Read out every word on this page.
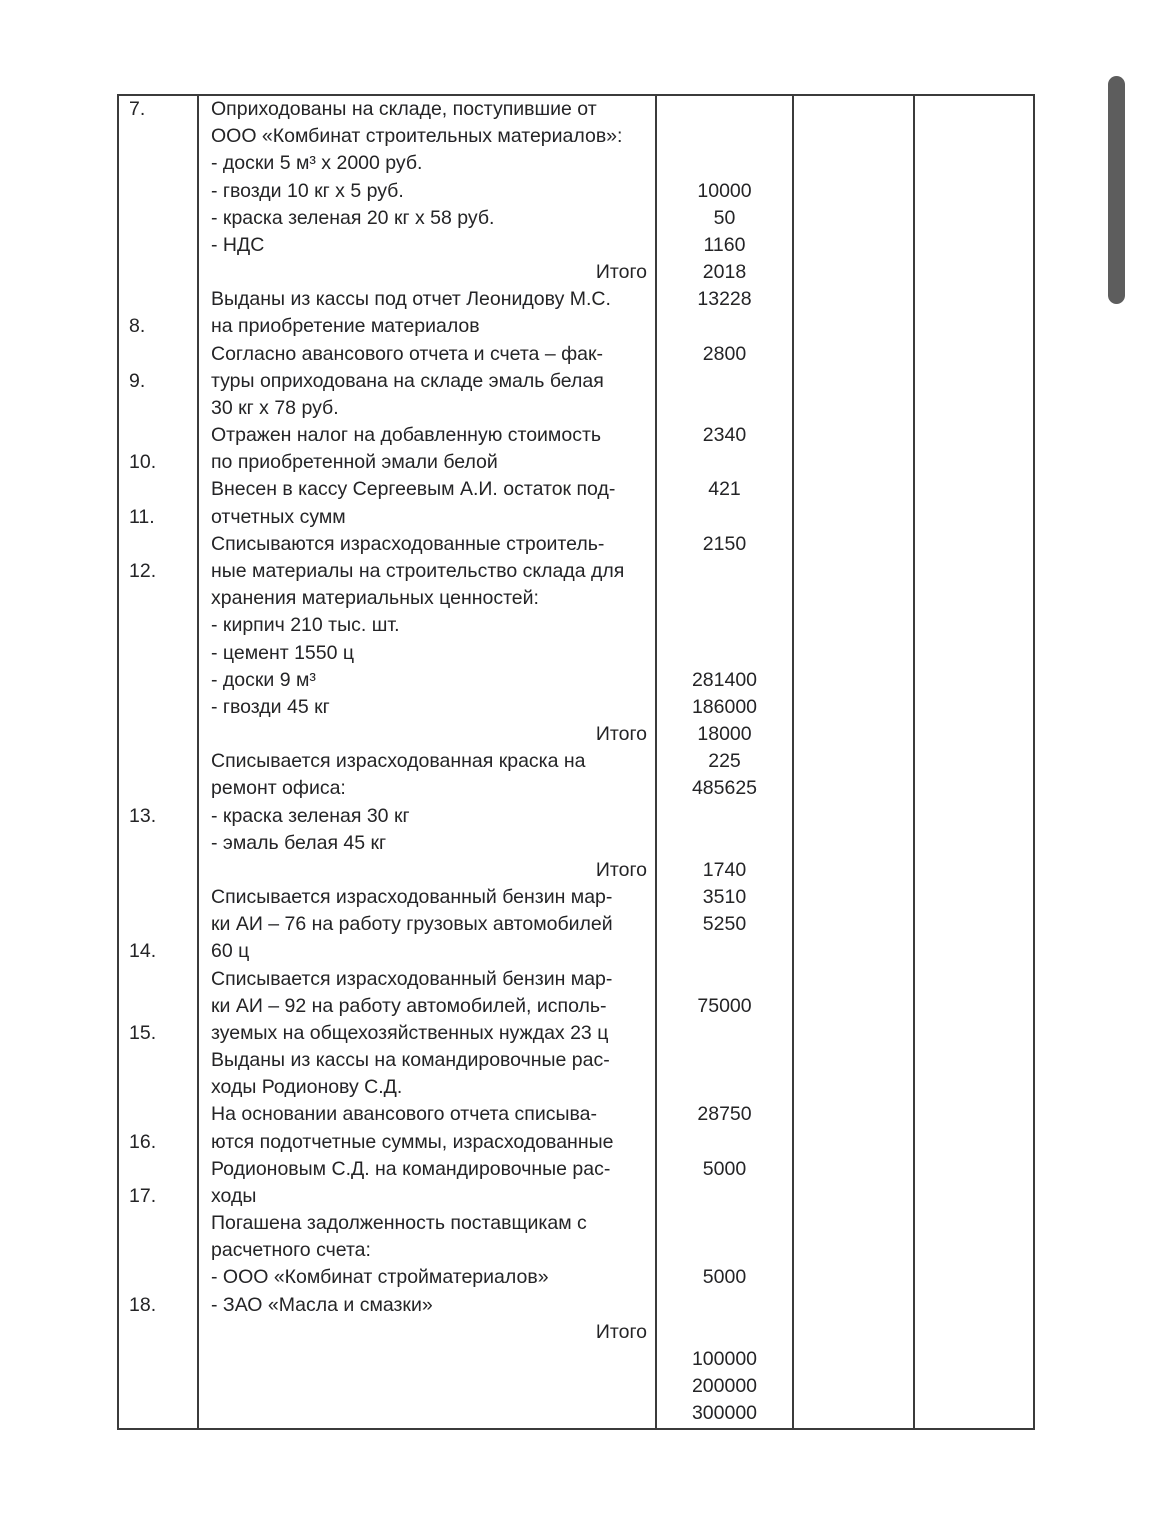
7.
8.
9.
10.
11.
12.
13.
14.
15.
16.
17.
18.
Оприходованы на складе, поступившие от
ООО «Комбинат строительных материалов»:
- доски 5 м³ х 2000 руб.
- гвозди 10 кг х 5 руб.
- краска зеленая 20 кг х 58 руб.
- НДС
Итого
Выданы из кассы под отчет Леонидову М.С.
на приобретение материалов
Согласно авансового отчета и счета – фак-
туры оприходована на складе эмаль белая
30 кг х 78 руб.
Отражен налог на добавленную стоимость
по приобретенной эмали белой
Внесен в кассу Сергеевым А.И. остаток под-
отчетных сумм
Списываются израсходованные строитель-
ные материалы на строительство склада для
хранения материальных ценностей:
- кирпич 210 тыс. шт.
- цемент 1550 ц
- доски 9 м³
- гвозди 45 кг
Итого
Списывается израсходованная краска на
ремонт офиса:
- краска зеленая 30 кг
- эмаль белая 45 кг
Итого
Списывается израсходованный бензин мар-
ки АИ – 76 на работу грузовых автомобилей
60 ц
Списывается израсходованный бензин мар-
ки АИ – 92 на работу автомобилей, исполь-
зуемых на общехозяйственных нуждах 23 ц
Выданы из кассы на командировочные рас-
ходы Родионову С.Д.
На основании авансового отчета списыва-
ются подотчетные суммы, израсходованные
Родионовым С.Д. на командировочные рас-
ходы
Погашена задолженность поставщикам с
расчетного счета:
- ООО «Комбинат стройматериалов»
- ЗАО «Масла и смазки»
Итого
10000
50
1160
2018
13228
2800
2340
421
2150
281400
186000
18000
225
485625
1740
3510
5250
75000
28750
5000
5000
100000
200000
300000
